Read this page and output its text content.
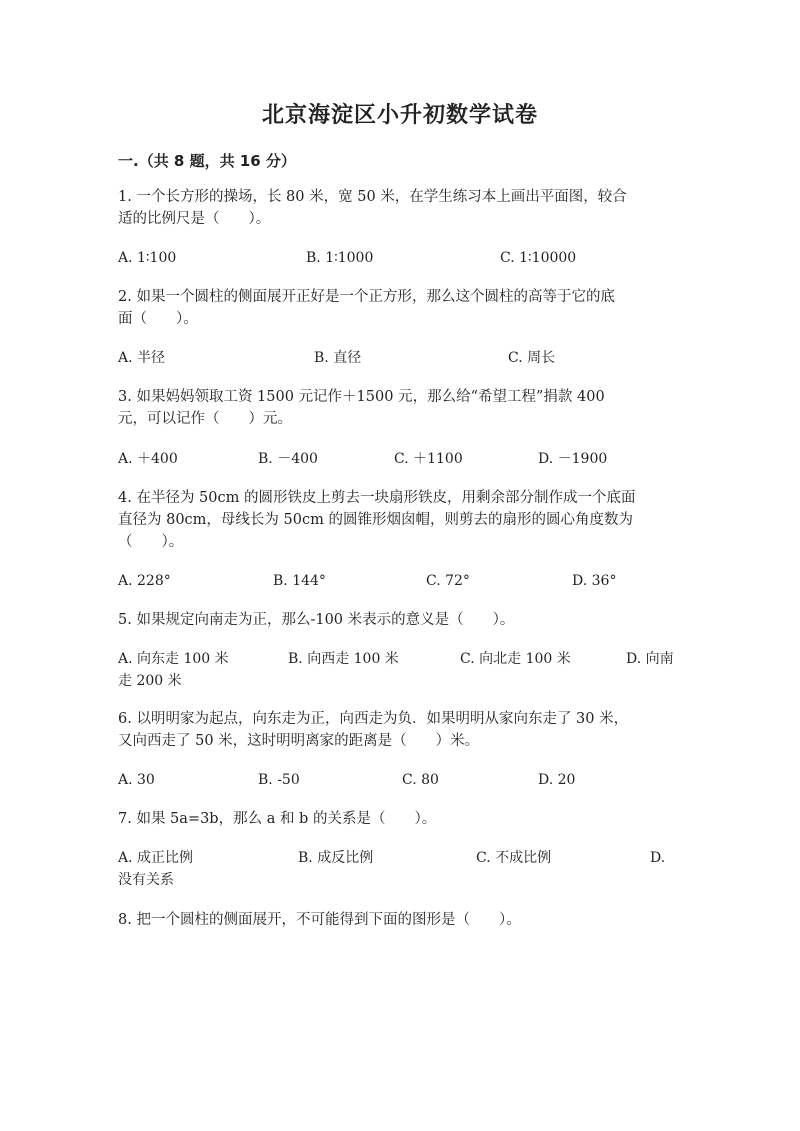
北京海淀区小升初数学试卷
一.（共 8 题，共 16 分）
1. 一个长方形的操场，长 80 米，宽 50 米，在学生练习本上画出平面图，较合
适的比例尺是（　　）。
A. 1∶100	B. 1∶1000	C. 1∶10000
2. 如果一个圆柱的侧面展开正好是一个正方形，那么这个圆柱的高等于它的底
面（　　）。
A. 半径	B. 直径	C. 周长
3. 如果妈妈领取工资 1500 元记作＋1500 元，那么给“希望工程”捐款 400
元，可以记作（　　）元。
A. ＋400	B. －400	C. ＋1100	D. －1900
4. 在半径为 50cm 的圆形铁皮上剪去一块扇形铁皮，用剩余部分制作成一个底面
直径为 80cm，母线长为 50cm 的圆锥形烟囱帽，则剪去的扇形的圆心角度数为
（　　）。
A. 228°	B. 144°	C. 72°	D. 36°
5. 如果规定向南走为正，那么-100 米表示的意义是（　　）。
A. 向东走 100 米	B. 向西走 100 米	C. 向北走 100 米	D. 向南
走 200 米
6. 以明明家为起点，向东走为正，向西走为负．如果明明从家向东走了 30 米，
又向西走了 50 米，这时明明离家的距离是（　　）米。
A. 30	B. -50	C. 80	D. 20
7. 如果 5a=3b，那么 a 和 b 的关系是（　　）。
A. 成正比例	B. 成反比例	C. 不成比例	D.
没有关系
8. 把一个圆柱的侧面展开，不可能得到下面的图形是（　　）。
